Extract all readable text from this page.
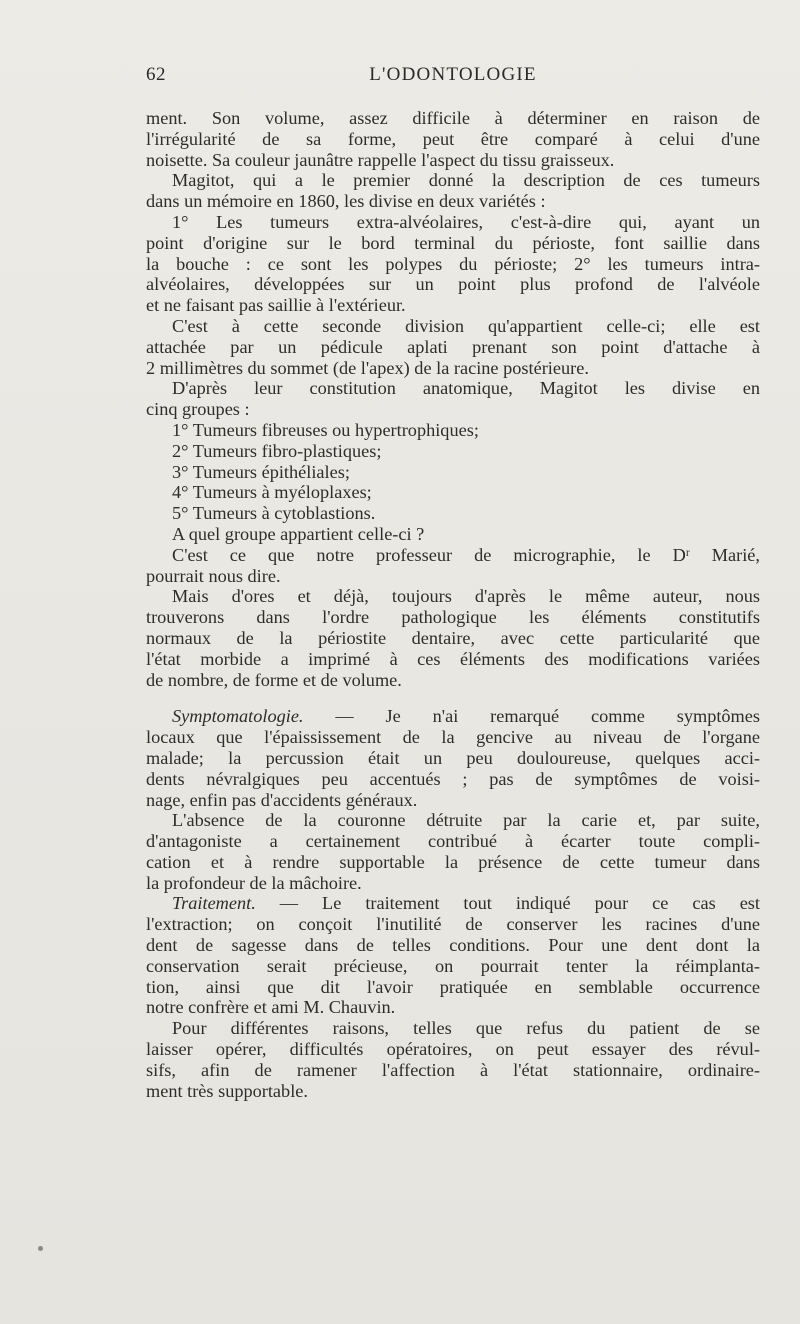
62	L'ODONTOLOGIE
ment. Son volume, assez difficile à déterminer en raison de
l'irrégularité de sa forme, peut être comparé à celui d'une
noisette. Sa couleur jaunâtre rappelle l'aspect du tissu graisseux.
Magitot, qui a le premier donné la description de ces tumeurs
dans un mémoire en 1860, les divise en deux variétés :
1° Les tumeurs extra-alvéolaires, c'est-à-dire qui, ayant un
point d'origine sur le bord terminal du périoste, font saillie dans
la bouche : ce sont les polypes du périoste; 2° les tumeurs intra-
alvéolaires, développées sur un point plus profond de l'alvéole
et ne faisant pas saillie à l'extérieur.
C'est à cette seconde division qu'appartient celle-ci; elle est
attachée par un pédicule aplati prenant son point d'attache à
2 millimètres du sommet (de l'apex) de la racine postérieure.
D'après leur constitution anatomique, Magitot les divise en
cinq groupes :
1° Tumeurs fibreuses ou hypertrophiques;
2° Tumeurs fibro-plastiques;
3° Tumeurs épithéliales;
4° Tumeurs à myéloplaxes;
5° Tumeurs à cytoblastions.
A quel groupe appartient celle-ci ?
C'est ce que notre professeur de micrographie, le Dʳ Marié,
pourrait nous dire.
Mais d'ores et déjà, toujours d'après le même auteur, nous
trouverons dans l'ordre pathologique les éléments constitutifs
normaux de la périostite dentaire, avec cette particularité que
l'état morbide a imprimé à ces éléments des modifications variées
de nombre, de forme et de volume.
Symptomatologie. — Je n'ai remarqué comme symptômes
locaux que l'épaississement de la gencive au niveau de l'organe
malade; la percussion était un peu douloureuse, quelques acci-
dents névralgiques peu accentués ; pas de symptômes de voisi-
nage, enfin pas d'accidents généraux.
L'absence de la couronne détruite par la carie et, par suite,
d'antagoniste a certainement contribué à écarter toute compli-
cation et à rendre supportable la présence de cette tumeur dans
la profondeur de la mâchoire.
Traitement. — Le traitement tout indiqué pour ce cas est
l'extraction; on conçoit l'inutilité de conserver les racines d'une
dent de sagesse dans de telles conditions. Pour une dent dont la
conservation serait précieuse, on pourrait tenter la réimplanta-
tion, ainsi que dit l'avoir pratiquée en semblable occurrence
notre confrère et ami M. Chauvin.
Pour différentes raisons, telles que refus du patient de se
laisser opérer, difficultés opératoires, on peut essayer des révul-
sifs, afin de ramener l'affection à l'état stationnaire, ordinaire-
ment très supportable.
